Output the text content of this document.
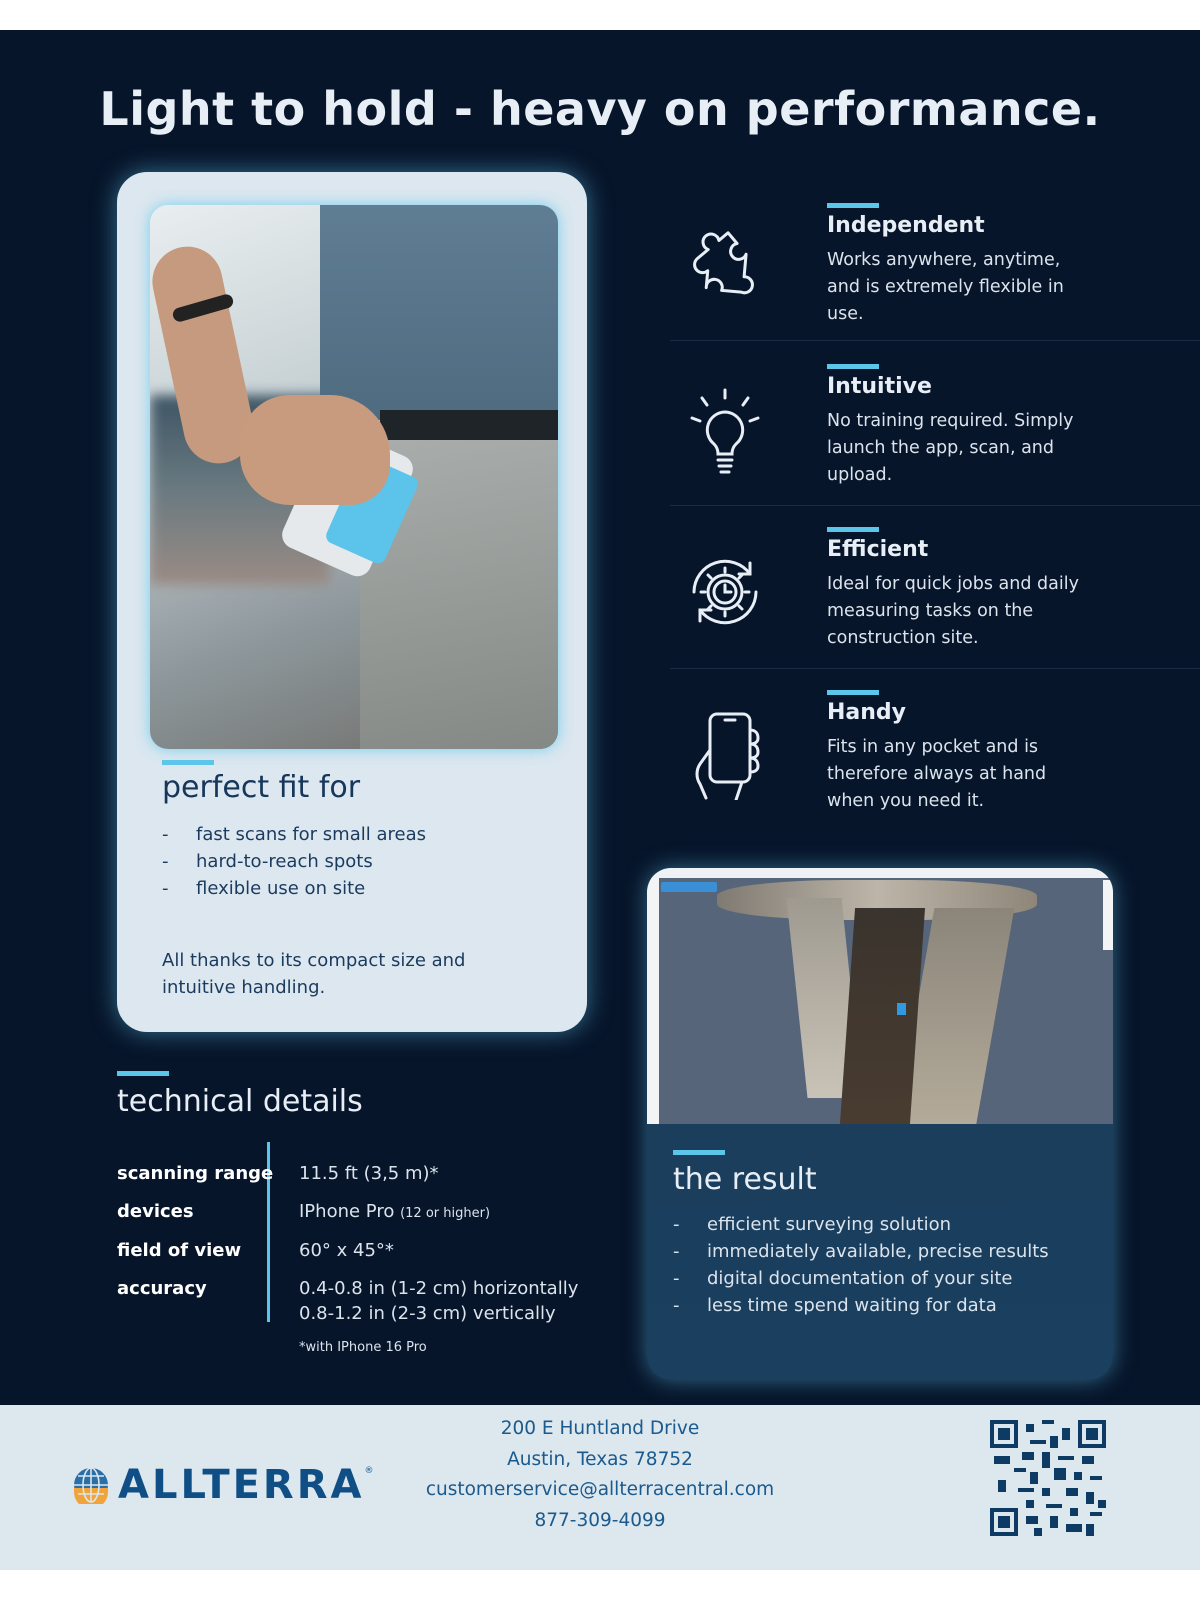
Light to hold - heavy on performance.
perfect fit for
-	fast scans for small areas
-	hard-to-reach spots
-	flexible use on site
All thanks to its compact size and intuitive handling.
Independent
Works anywhere, anytime, and is extremely flexible in use.
Intuitive
No training required. Simply launch the app, scan, and upload.
Efficient
Ideal for quick jobs and daily measuring tasks on the construction site.
Handy
Fits in any pocket and is therefore always at hand when you need it.
technical details
scanning range 11.5 ft (3,5 m)*
devices	IPhone Pro (12 or higher)
field of view	60° x 45°*
accuracy	0.4-0.8 in (1-2 cm) horizontally
0.8-1.2 in (2-3 cm) vertically
*with IPhone 16 Pro
the result
-	efficient surveying solution
-	immediately available, precise results
-	digital documentation of your site
-	less time spend waiting for data
ALLTERRA ®
200 E Huntland Drive
Austin, Texas 78752
customerservice@allterracentral.com
877-309-4099
